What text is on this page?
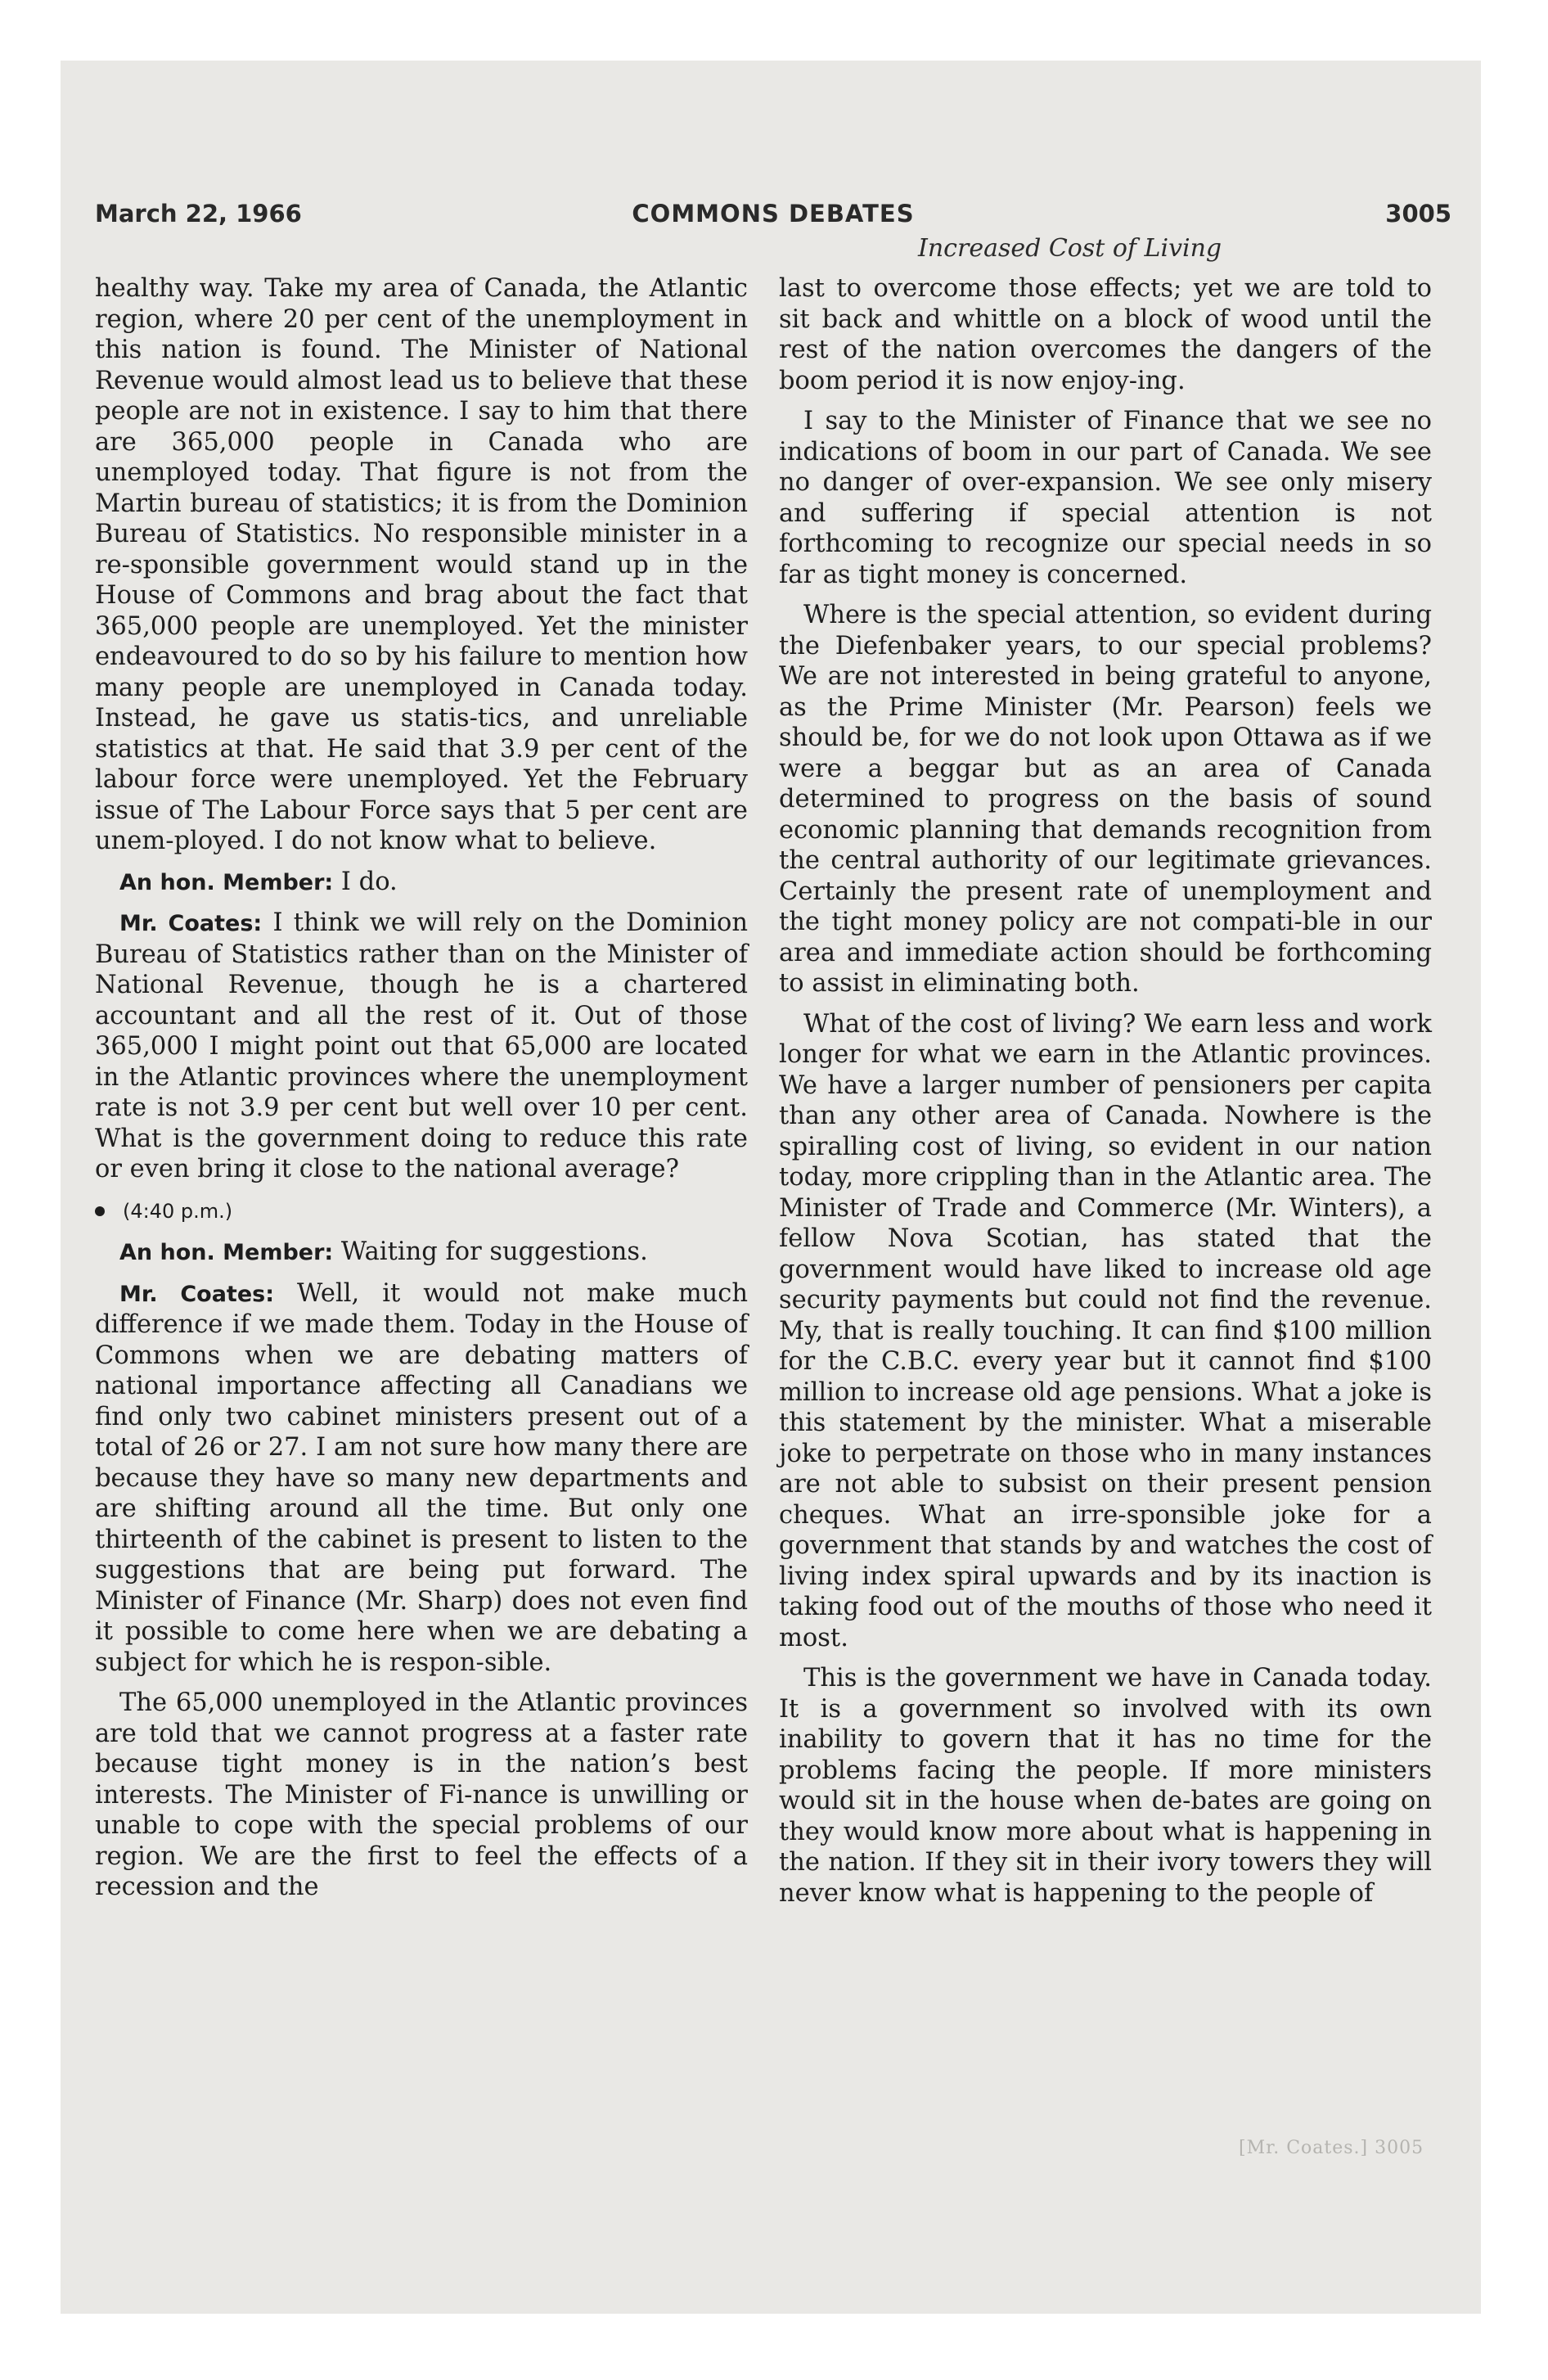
March 22, 1966	COMMONS DEBATES	3005
Increased Cost of Living

healthy way. Take my area of Canada, the Atlantic region, where 20 per cent of the unemployment in this nation is found. The Minister of National Revenue would almost lead us to believe that these people are not in existence. I say to him that there are 365,000 people in Canada who are unemployed today. That figure is not from the Martin bureau of statistics; it is from the Dominion Bureau of Statistics. No responsible minister in a re-sponsible government would stand up in the House of Commons and brag about the fact that 365,000 people are unemployed. Yet the minister endeavoured to do so by his failure to mention how many people are unemployed in Canada today. Instead, he gave us statis-tics, and unreliable statistics at that. He said that 3.9 per cent of the labour force were unemployed. Yet the February issue of The Labour Force says that 5 per cent are unem-ployed. I do not know what to believe.

An hon. Member: I do.

Mr. Coates: I think we will rely on the Dominion Bureau of Statistics rather than on the Minister of National Revenue, though he is a chartered accountant and all the rest of it. Out of those 365,000 I might point out that 65,000 are located in the Atlantic provinces where the unemployment rate is not 3.9 per cent but well over 10 per cent. What is the government doing to reduce this rate or even bring it close to the national average?

(4:40 p.m.)

An hon. Member: Waiting for suggestions.

Mr. Coates: Well, it would not make much difference if we made them. Today in the House of Commons when we are debating matters of national importance affecting all Canadians we find only two cabinet ministers present out of a total of 26 or 27. I am not sure how many there are because they have so many new departments and are shifting around all the time. But only one thirteenth of the cabinet is present to listen to the suggestions that are being put forward. The Minister of Finance (Mr. Sharp) does not even find it possible to come here when we are debating a subject for which he is respon-sible.

The 65,000 unemployed in the Atlantic provinces are told that we cannot progress at a faster rate because tight money is in the nation’s best interests. The Minister of Fi-nance is unwilling or unable to cope with the special problems of our region. We are the first to feel the effects of a recession and the

last to overcome those effects; yet we are told to sit back and whittle on a block of wood until the rest of the nation overcomes the dangers of the boom period it is now enjoy-ing.

I say to the Minister of Finance that we see no indications of boom in our part of Canada. We see no danger of over-expansion. We see only misery and suffering if special attention is not forthcoming to recognize our special needs in so far as tight money is concerned.

Where is the special attention, so evident during the Diefenbaker years, to our special problems? We are not interested in being grateful to anyone, as the Prime Minister (Mr. Pearson) feels we should be, for we do not look upon Ottawa as if we were a beggar but as an area of Canada determined to progress on the basis of sound economic planning that demands recognition from the central authority of our legitimate grievances. Certainly the present rate of unemployment and the tight money policy are not compati-ble in our area and immediate action should be forthcoming to assist in eliminating both.

What of the cost of living? We earn less and work longer for what we earn in the Atlantic provinces. We have a larger number of pensioners per capita than any other area of Canada. Nowhere is the spiralling cost of living, so evident in our nation today, more crippling than in the Atlantic area. The Minister of Trade and Commerce (Mr. Winters), a fellow Nova Scotian, has stated that the government would have liked to increase old age security payments but could not find the revenue. My, that is really touching. It can find $100 million for the C.B.C. every year but it cannot find $100 million to increase old age pensions. What a joke is this statement by the minister. What a miserable joke to perpetrate on those who in many instances are not able to subsist on their present pension cheques. What an irre-sponsible joke for a government that stands by and watches the cost of living index spiral upwards and by its inaction is taking food out of the mouths of those who need it most.

This is the government we have in Canada today. It is a government so involved with its own inability to govern that it has no time for the problems facing the people. If more ministers would sit in the house when de-bates are going on they would know more about what is happening in the nation. If they sit in their ivory towers they will never know what is happening to the people of

[Mr. Coates.] 3005
